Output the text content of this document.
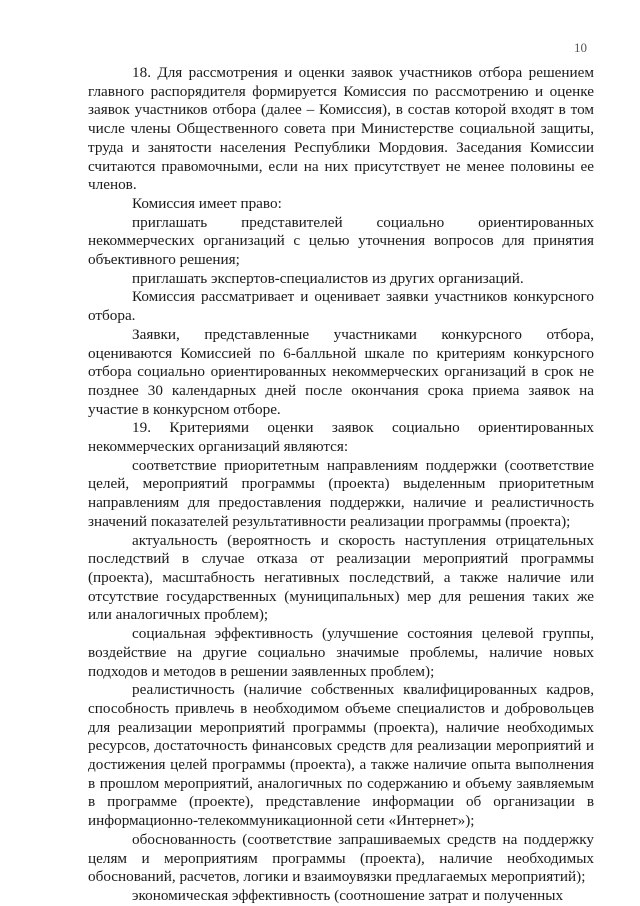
10

18. Для рассмотрения и оценки заявок участников отбора решением главного распорядителя формируется Комиссия по рассмотрению и оценке заявок участников отбора (далее – Комиссия), в состав которой входят в том числе члены Общественного совета при Министерстве социальной защиты, труда и занятости населения Республики Мордовия. Заседания Комиссии считаются правомочными, если на них присутствует не менее половины ее членов.

Комиссия имеет право:

приглашать представителей социально ориентированных некоммерческих организаций с целью уточнения вопросов для принятия объективного решения;

приглашать экспертов-специалистов из других организаций.

Комиссия рассматривает и оценивает заявки участников конкурсного отбора.

Заявки, представленные участниками конкурсного отбора, оцениваются Комиссией по 6-балльной шкале по критериям конкурсного отбора социально ориентированных некоммерческих организаций в срок не позднее 30 календарных дней после окончания срока приема заявок на участие в конкурсном отборе.

19. Критериями оценки заявок социально ориентированных некоммерческих организаций являются:

соответствие приоритетным направлениям поддержки (соответствие целей, мероприятий программы (проекта) выделенным приоритетным направлениям для предоставления поддержки, наличие и реалистичность значений показателей результативности реализации программы (проекта);

актуальность (вероятность и скорость наступления отрицательных последствий в случае отказа от реализации мероприятий программы (проекта), масштабность негативных последствий, а также наличие или отсутствие государственных (муниципальных) мер для решения таких же или аналогичных проблем);

социальная эффективность (улучшение состояния целевой группы, воздействие на другие социально значимые проблемы, наличие новых подходов и методов в решении заявленных проблем);

реалистичность (наличие собственных квалифицированных кадров, способность привлечь в необходимом объеме специалистов и добровольцев для реализации мероприятий программы (проекта), наличие необходимых ресурсов, достаточность финансовых средств для реализации мероприятий и достижения целей программы (проекта), а также наличие опыта выполнения в прошлом мероприятий, аналогичных по содержанию и объему заявляемым в программе (проекте), представление информации об организации в информационно-телекоммуникационной сети «Интернет»);

обоснованность (соответствие запрашиваемых средств на поддержку целям и мероприятиям программы (проекта), наличие необходимых обоснований, расчетов, логики и взаимоувязки предлагаемых мероприятий);

экономическая эффективность (соотношение затрат и полученных
